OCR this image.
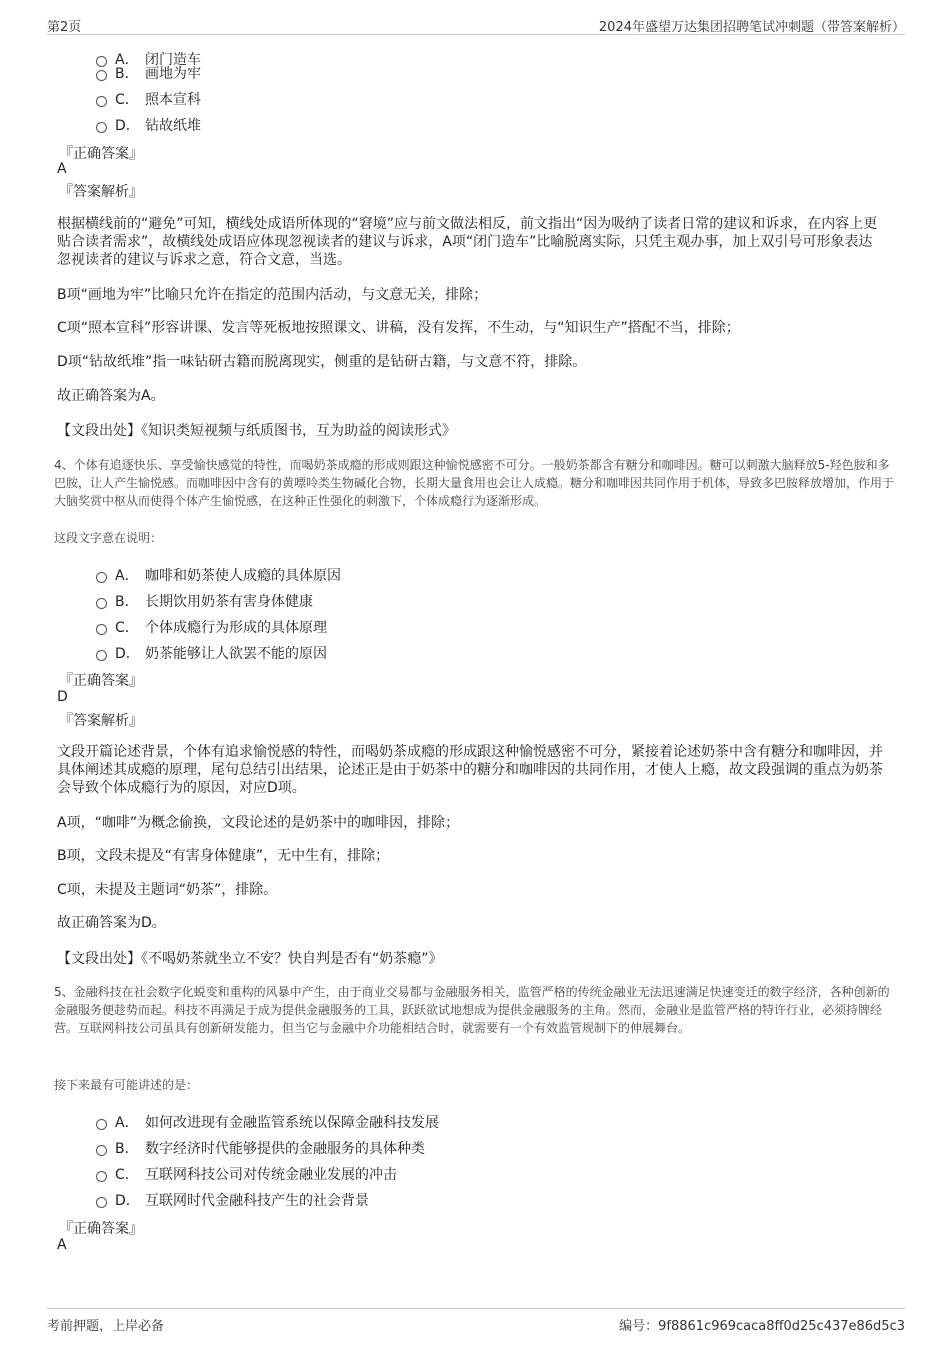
第2页	2024年盛望万达集团招聘笔试冲刺题（带答案解析）
A． 闭门造车
B． 画地为牢
C． 照本宣科
D． 钻故纸堆
『正确答案』
A
『答案解析』
根据横线前的“避免”可知，横线处成语所体现的“窘境”应与前文做法相反，前文指出“因为吸纳了读者日常的建议和诉求，在内容上更贴合读者需求”，故横线处成语应体现忽视读者的建议与诉求，A项“闭门造车”比喻脱离实际，只凭主观办事，加上双引号可形象表达忽视读者的建议与诉求之意，符合文意，当选。
B项“画地为牢”比喻只允许在指定的范围内活动，与文意无关，排除；
C项“照本宣科”形容讲课、发言等死板地按照课文、讲稿，没有发挥，不生动，与“知识生产”搭配不当，排除；
D项“钻故纸堆”指一味钻研古籍而脱离现实，侧重的是钻研古籍，与文意不符，排除。
故正确答案为A。
【文段出处】《知识类短视频与纸质图书，互为助益的阅读形式》
4、个体有追逐快乐、享受愉快感觉的特性，而喝奶茶成瘾的形成则跟这种愉悦感密不可分。一般奶茶都含有糖分和咖啡因。糖可以刺激大脑释放5-羟色胺和多巴胺，让人产生愉悦感。而咖啡因中含有的黄嘌呤类生物碱化合物，长期大量食用也会让人成瘾。糖分和咖啡因共同作用于机体，导致多巴胺释放增加，作用于大脑奖赏中枢从而使得个体产生愉悦感，在这种正性强化的刺激下，个体成瘾行为逐渐形成。
这段文字意在说明：
A． 咖啡和奶茶使人成瘾的具体原因
B． 长期饮用奶茶有害身体健康
C． 个体成瘾行为形成的具体原理
D． 奶茶能够让人欲罢不能的原因
『正确答案』
D
『答案解析』
文段开篇论述背景，个体有追求愉悦感的特性，而喝奶茶成瘾的形成跟这种愉悦感密不可分，紧接着论述奶茶中含有糖分和咖啡因，并具体阐述其成瘾的原理，尾句总结引出结果，论述正是由于奶茶中的糖分和咖啡因的共同作用，才使人上瘾，故文段强调的重点为奶茶会导致个体成瘾行为的原因，对应D项。
A项，“咖啡”为概念偷换，文段论述的是奶茶中的咖啡因，排除；
B项，文段未提及“有害身体健康”，无中生有，排除；
C项，未提及主题词“奶茶”，排除。
故正确答案为D。
【文段出处】《不喝奶茶就坐立不安？快自判是否有“奶茶瘾”》
5、金融科技在社会数字化蜕变和重构的风暴中产生，由于商业交易都与金融服务相关，监管严格的传统金融业无法迅速满足快速变迁的数字经济，各种创新的金融服务便趁势而起。科技不再满足于成为提供金融服务的工具，跃跃欲试地想成为提供金融服务的主角。然而，金融业是监管严格的特许行业，必须持牌经营。互联网科技公司虽具有创新研发能力，但当它与金融中介功能相结合时，就需要有一个有效监管规制下的伸展舞台。
接下来最有可能讲述的是：
A． 如何改进现有金融监管系统以保障金融科技发展
B． 数字经济时代能够提供的金融服务的具体种类
C． 互联网科技公司对传统金融业发展的冲击
D． 互联网时代金融科技产生的社会背景
『正确答案』
A
考前押题，上岸必备	编号：9f8861c969caca8ff0d25c437e86d5c3
